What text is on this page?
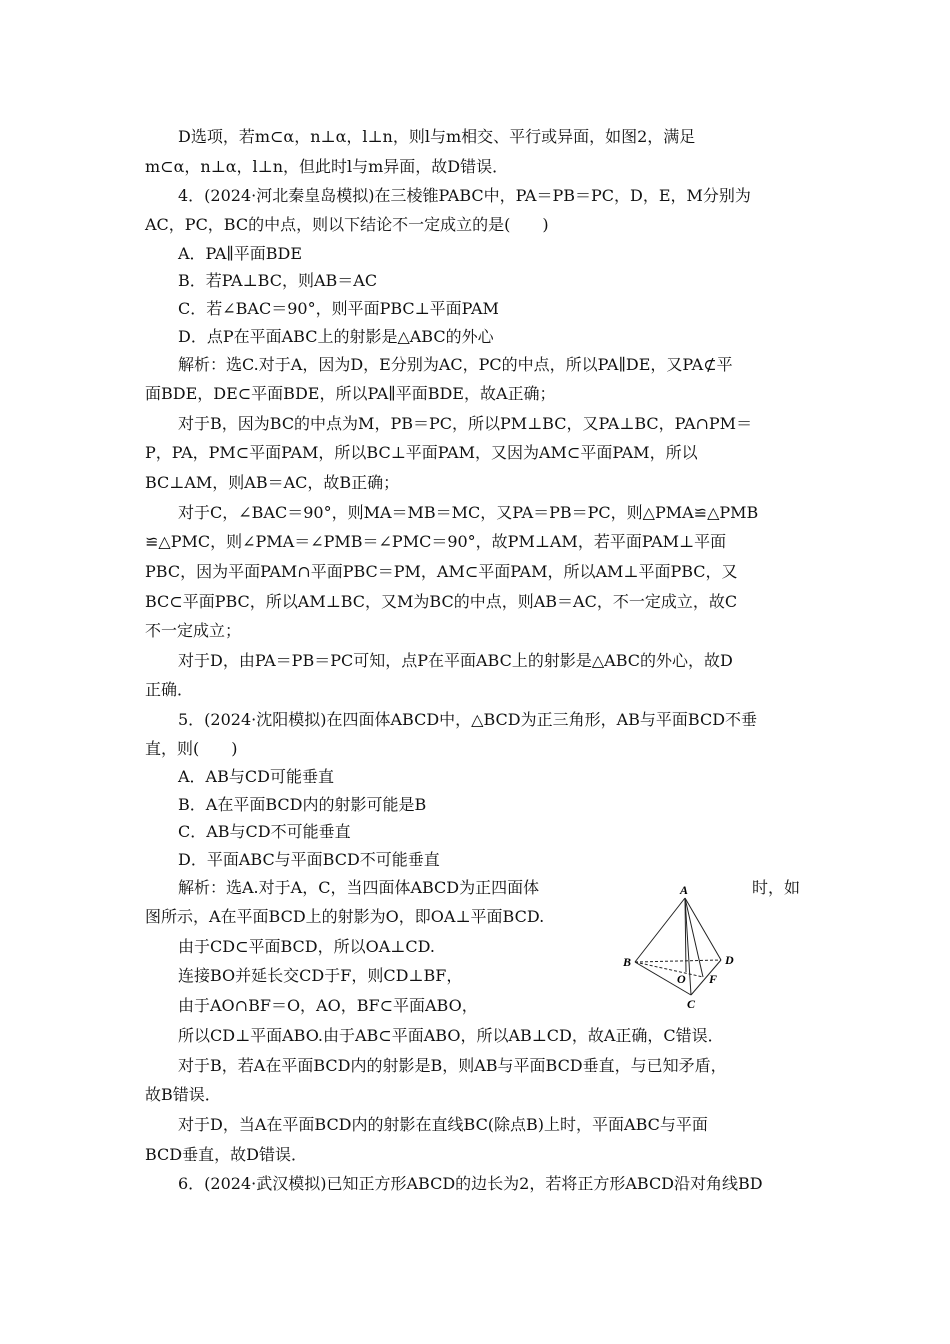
D选项，若m⊂α，n⊥α，l⊥n，则l与m相交、平行或异面，如图2，满足
m⊂α，n⊥α，l⊥n，但此时l与m异面，故D错误．
4．(2024·河北秦皇岛模拟)在三棱锥PABC中，PA＝PB＝PC，D，E，M分别为
AC，PC，BC的中点，则以下结论不一定成立的是(　　)
A．PA∥平面BDE
B．若PA⊥BC，则AB＝AC
C．若∠BAC＝90°，则平面PBC⊥平面PAM
D．点P在平面ABC上的射影是△ABC的外心
解析：选C.对于A，因为D，E分别为AC，PC的中点，所以PA∥DE，又PA⊄平
面BDE，DE⊂平面BDE，所以PA∥平面BDE，故A正确；
对于B，因为BC的中点为M，PB＝PC，所以PM⊥BC，又PA⊥BC，PA∩PM＝
P，PA，PM⊂平面PAM，所以BC⊥平面PAM，又因为AM⊂平面PAM，所以
BC⊥AM，则AB＝AC，故B正确；
对于C，∠BAC＝90°，则MA＝MB＝MC，又PA＝PB＝PC，则△PMA≌△PMB
≌△PMC，则∠PMA＝∠PMB＝∠PMC＝90°，故PM⊥AM，若平面PAM⊥平面
PBC，因为平面PAM∩平面PBC＝PM，AM⊂平面PAM，所以AM⊥平面PBC，又
BC⊂平面PBC，所以AM⊥BC，又M为BC的中点，则AB＝AC，不一定成立，故C
不一定成立；
对于D，由PA＝PB＝PC可知，点P在平面ABC上的射影是△ABC的外心，故D
正确．
5．(2024·沈阳模拟)在四面体ABCD中，△BCD为正三角形，AB与平面BCD不垂
直，则(　　)
A．AB与CD可能垂直
B．A在平面BCD内的射影可能是B
C．AB与CD不可能垂直
D．平面ABC与平面BCD不可能垂直
解析：选A.对于A，C，当四面体ABCD为正四面体	时，如
图所示，A在平面BCD上的射影为O，即OA⊥平面BCD.
由于CD⊂平面BCD，所以OA⊥CD.
连接BO并延长交CD于F，则CD⊥BF，
由于AO∩BF＝O，AO，BF⊂平面ABO，
所以CD⊥平面ABO.由于AB⊂平面ABO，所以AB⊥CD，故A正确，C错误．
对于B，若A在平面BCD内的射影是B，则AB与平面BCD垂直，与已知矛盾，
故B错误．
对于D，当A在平面BCD内的射影在直线BC(除点B)上时，平面ABC与平面
BCD垂直，故D错误．
6．(2024·武汉模拟)已知正方形ABCD的边长为2，若将正方形ABCD沿对角线BD
A
B	D
C
O F
